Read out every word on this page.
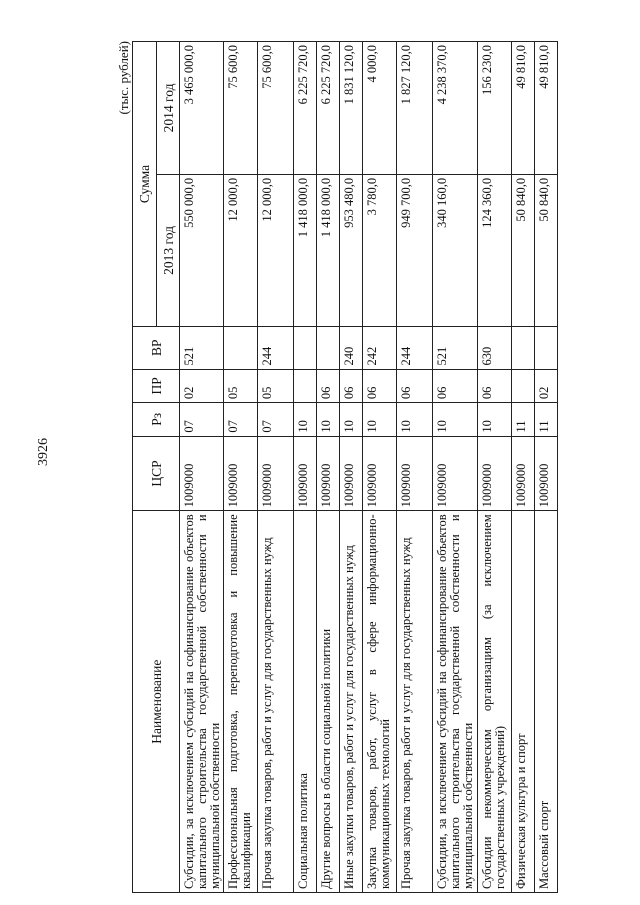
3926
(тыс. рублей)
Наименование	ЦСР	Рз	ПР	ВР	Сумма	
					2013 год	2014 год
Субсидии, за исключением субсидий на софинансирование объектов капитального строительства государственной собственности и муниципальной собственности	1009000	07	02	521	550 000,0	3 465 000,0
Профессиональная подготовка, переподготовка и повышение квалификации	1009000	07	05		12 000,0	75 600,0
Прочая закупка товаров, работ и услуг для государственных нужд	1009000	07	05	244	12 000,0	75 600,0
Социальная политика	1009000	10			1 418 000,0	6 225 720,0
Другие вопросы в области социальной политики	1009000	10	06		1 418 000,0	6 225 720,0
Иные закупки товаров, работ и услуг для государственных нужд	1009000	10	06	240	953 480,0	1 831 120,0
Закупка товаров, работ, услуг в сфере информационно-коммуникационных технологий	1009000	10	06	242	3 780,0	4 000,0
Прочая закупка товаров, работ и услуг для государственных нужд	1009000	10	06	244	949 700,0	1 827 120,0
Субсидии, за исключением субсидий на софинансирование объектов капитального строительства государственной собственности и муниципальной собственности	1009000	10	06	521	340 160,0	4 238 370,0
Субсидии некоммерческим организациям (за исключением государственных учреждений)	1009000	10	06	630	124 360,0	156 230,0
Физическая культура и спорт	1009000	11			50 840,0	49 810,0
Массовый спорт	1009000	11	02		50 840,0	49 810,0
